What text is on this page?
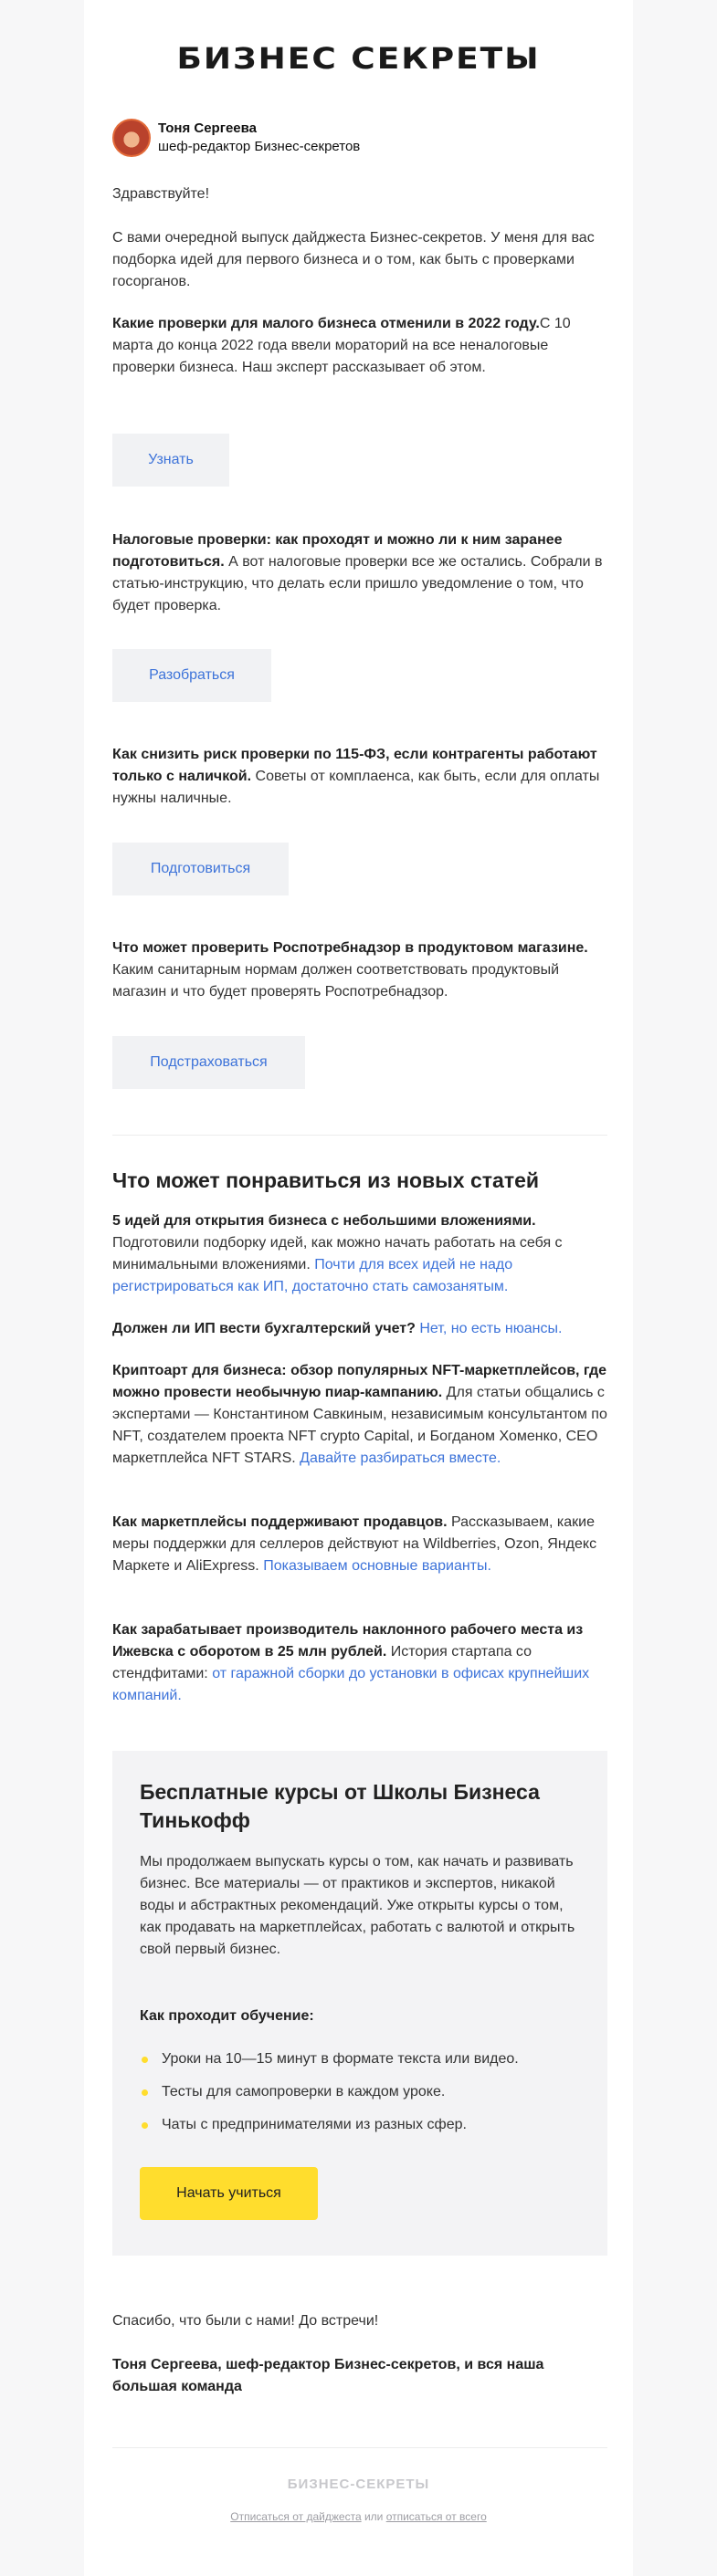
БИЗНЕС СЕКРЕТЫ
Тоня Сергеева
шеф-редактор Бизнес-секретов

Здравствуйте!

С вами очередной выпуск дайджеста Бизнес-секретов. У меня для вас подборка идей для первого бизнеса и о том, как быть с проверками госорганов.

Какие проверки для малого бизнеса отменили в 2022 году.С 10 марта до конца 2022 года ввели мораторий на все неналоговые проверки бизнеса. Наш эксперт рассказывает об этом.

Узнать

Налоговые проверки: как проходят и можно ли к ним заранее подготовиться. А вот налоговые проверки все же остались. Собрали в статью-инструкцию, что делать если пришло уведомление о том, что будет проверка.

Разобраться

Как снизить риск проверки по 115-ФЗ, если контрагенты работают только с наличкой. Советы от комплаенса, как быть, если для оплаты нужны наличные.

Подготовиться

Что может проверить Роспотребнадзор в продуктовом магазине. Каким санитарным нормам должен соответствовать продуктовый магазин и что будет проверять Роспотребнадзор.

Подстраховаться
Что может понравиться из новых статей

5 идей для открытия бизнеса с небольшими вложениями. Подготовили подборку идей, как можно начать работать на себя с минимальными вложениями. Почти для всех идей не надо регистрироваться как ИП, достаточно стать самозанятым.

Должен ли ИП вести бухгалтерский учет? Нет, но есть нюансы.

Криптоарт для бизнеса: обзор популярных NFT-маркетплейсов, где можно провести необычную пиар-кампанию. Для статьи общались с экспертами — Константином Савкиным, независимым консультантом по NFT, создателем проекта NFT crypto Capital, и Богданом Хоменко, CEO маркетплейса NFT STARS. Давайте разбираться вместе.

Как маркетплейсы поддерживают продавцов. Рассказываем, какие меры поддержки для селлеров действуют на Wildberries, Ozon, Яндекс Маркете и AliExpress. Показываем основные варианты.

Как зарабатывает производитель наклонного рабочего места из Ижевска с оборотом в 25 млн рублей. История стартапа со стендфитами: от гаражной сборки до установки в офисах крупнейших компаний.

Бесплатные курсы от Школы Бизнеса Тинькофф

Мы продолжаем выпускать курсы о том, как начать и развивать бизнес. Все материалы — от практиков и экспертов, никакой воды и абстрактных рекомендаций. Уже открыты курсы о том, как продавать на маркетплейсах, работать с валютой и открыть свой первый бизнес.

Как проходит обучение:

Уроки на 10—15 минут в формате текста или видео.
Тесты для самопроверки в каждом уроке.
Чаты с предпринимателями из разных сфер.
Начать учиться

Спасибо, что были с нами! До встречи!

Тоня Сергеева, шеф-редактор Бизнес-секретов, и вся наша большая команда

БИЗНЕС-СЕКРЕТЫ
Отписаться от дайджеста или отписаться от всего
